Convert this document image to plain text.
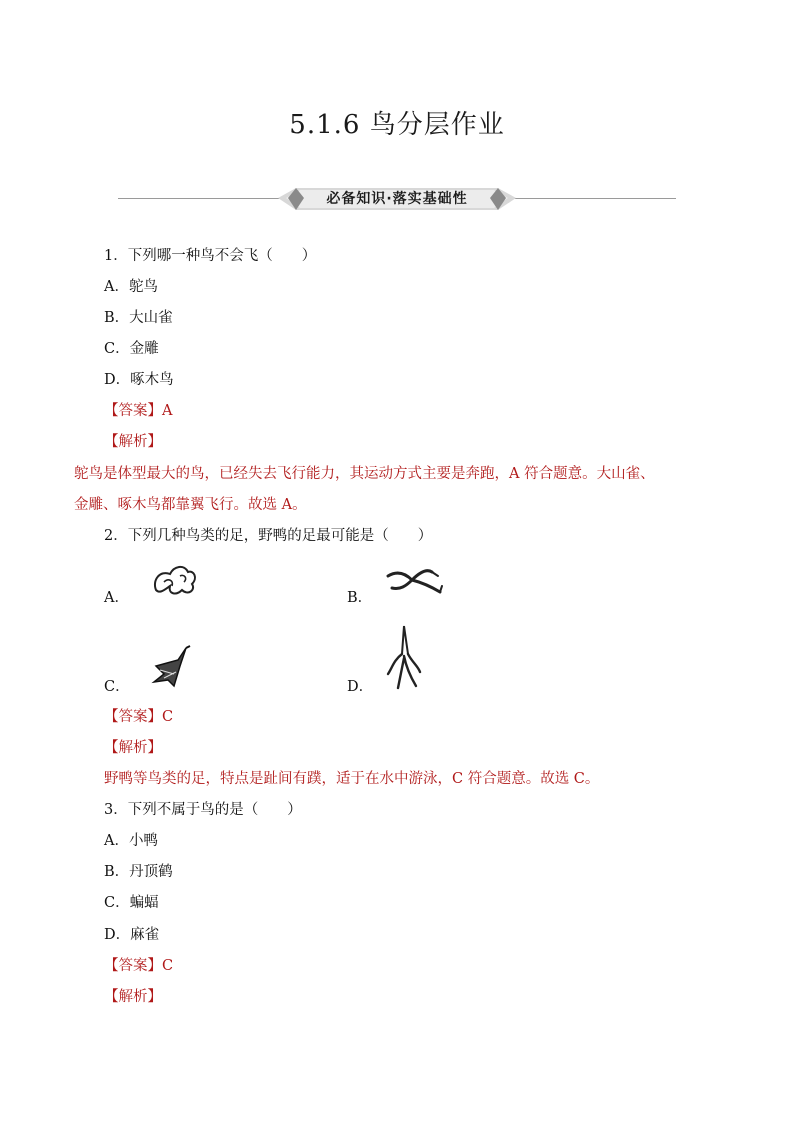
5.1.6 鸟分层作业
必备知识·落实基础性
1．下列哪一种鸟不会飞（　　）
A．鸵鸟
B．大山雀
C．金雕
D．啄木鸟
【答案】A
【解析】
鸵鸟是体型最大的鸟，已经失去飞行能力，其运动方式主要是奔跑，A 符合题意。大山雀、
金雕、啄木鸟都靠翼飞行。故选 A。
2．下列几种鸟类的足，野鸭的足最可能是（　　）
A．	B．
C．	D．
【答案】C
【解析】
野鸭等鸟类的足，特点是趾间有蹼，适于在水中游泳，C 符合题意。故选 C。
3．下列不属于鸟的是（　　）
A．小鸭
B．丹顶鹤
C．蝙蝠
D．麻雀
【答案】C
【解析】
